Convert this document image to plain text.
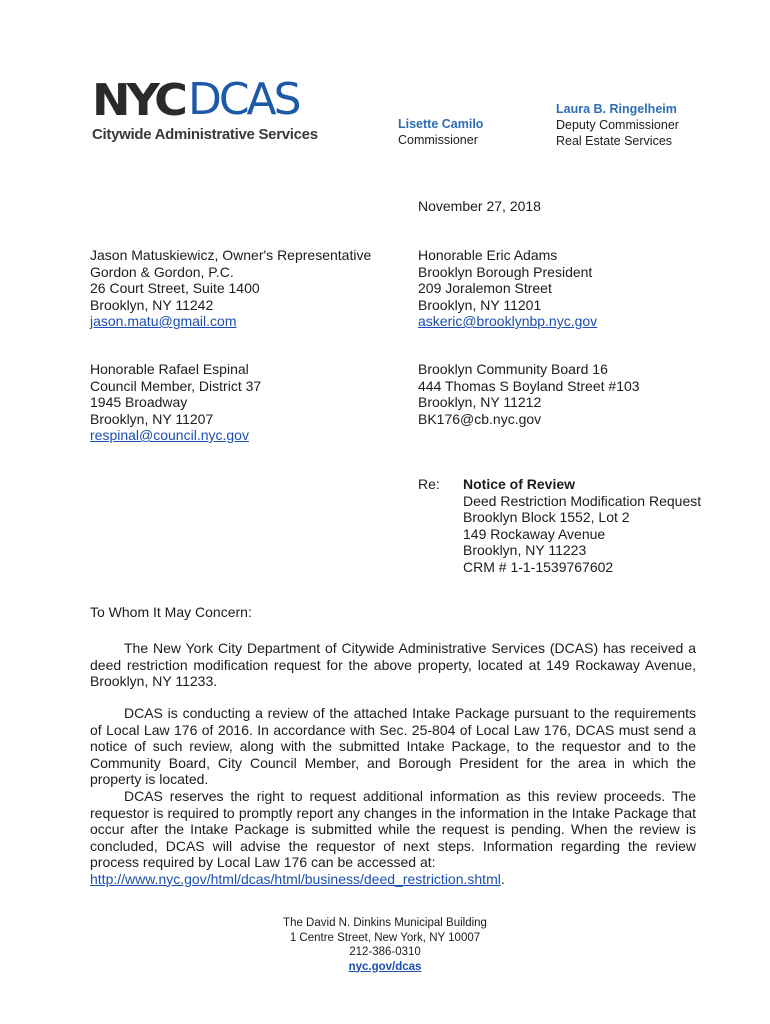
NYC DCAS
Citywide Administrative Services
Lisette Camilo
Commissioner
Laura B. Ringelheim
Deputy Commissioner
Real Estate Services
November 27, 2018
Jason Matuskiewicz, Owner's Representative
Gordon & Gordon, P.C.
26 Court Street, Suite 1400
Brooklyn, NY 11242
jason.matu@gmail.com
Honorable Eric Adams
Brooklyn Borough President
209 Joralemon Street
Brooklyn, NY 11201
askeric@brooklynbp.nyc.gov
Honorable Rafael Espinal
Council Member, District 37
1945 Broadway
Brooklyn, NY 11207
respinal@council.nyc.gov
Brooklyn Community Board 16
444 Thomas S Boyland Street #103
Brooklyn, NY 11212
BK176@cb.nyc.gov
Re: Notice of Review
Deed Restriction Modification Request
Brooklyn Block 1552, Lot 2
149 Rockaway Avenue
Brooklyn, NY 11223
CRM # 1-1-1539767602
To Whom It May Concern:

The New York City Department of Citywide Administrative Services (DCAS) has received a deed restriction modification request for the above property, located at 149 Rockaway Avenue, Brooklyn, NY 11233.

DCAS is conducting a review of the attached Intake Package pursuant to the requirements of Local Law 176 of 2016. In accordance with Sec. 25-804 of Local Law 176, DCAS must send a notice of such review, along with the submitted Intake Package, to the requestor and to the Community Board, City Council Member, and Borough President for the area in which the property is located.

DCAS reserves the right to request additional information as this review proceeds. The requestor is required to promptly report any changes in the information in the Intake Package that occur after the Intake Package is submitted while the request is pending. When the review is concluded, DCAS will advise the requestor of next steps. Information regarding the review process required by Local Law 176 can be accessed at:
http://www.nyc.gov/html/dcas/html/business/deed_restriction.shtml.

The David N. Dinkins Municipal Building
1 Centre Street, New York, NY 10007
212-386-0310
nyc.gov/dcas
